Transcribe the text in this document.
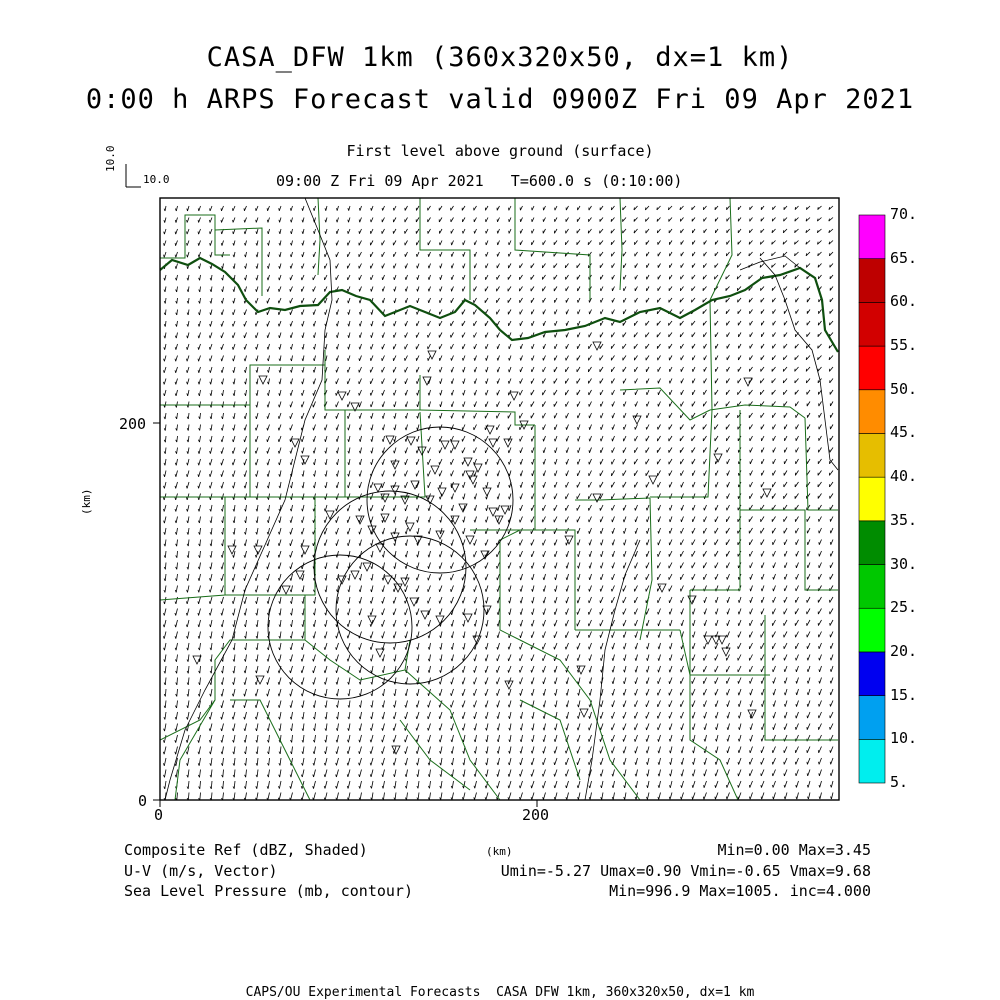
CASA_DFW 1km (360x320x50, dx=1 km)
0:00 h ARPS Forecast valid 0900Z Fri 09 Apr 2021
First level above ground (surface)
09:00 Z Fri 09 Apr 2021   T=600.0 s (0:10:00)
10.0
10.0
0	200
0
200
(km)
5.
10.
15.
20.
25.
30.
35.
40.
45.
50.
55.
60.
65.
70.
Composite Ref (dBZ, Shaded)
U-V (m/s, Vector)
Sea Level Pressure (mb, contour)
(km)	Min=0.00 Max=3.45
Umin=-5.27 Umax=0.90 Vmin=-0.65 Vmax=9.68
Min=996.9 Max=1005. inc=4.000
CAPS/OU Experimental Forecasts  CASA DFW 1km, 360x320x50, dx=1 km
